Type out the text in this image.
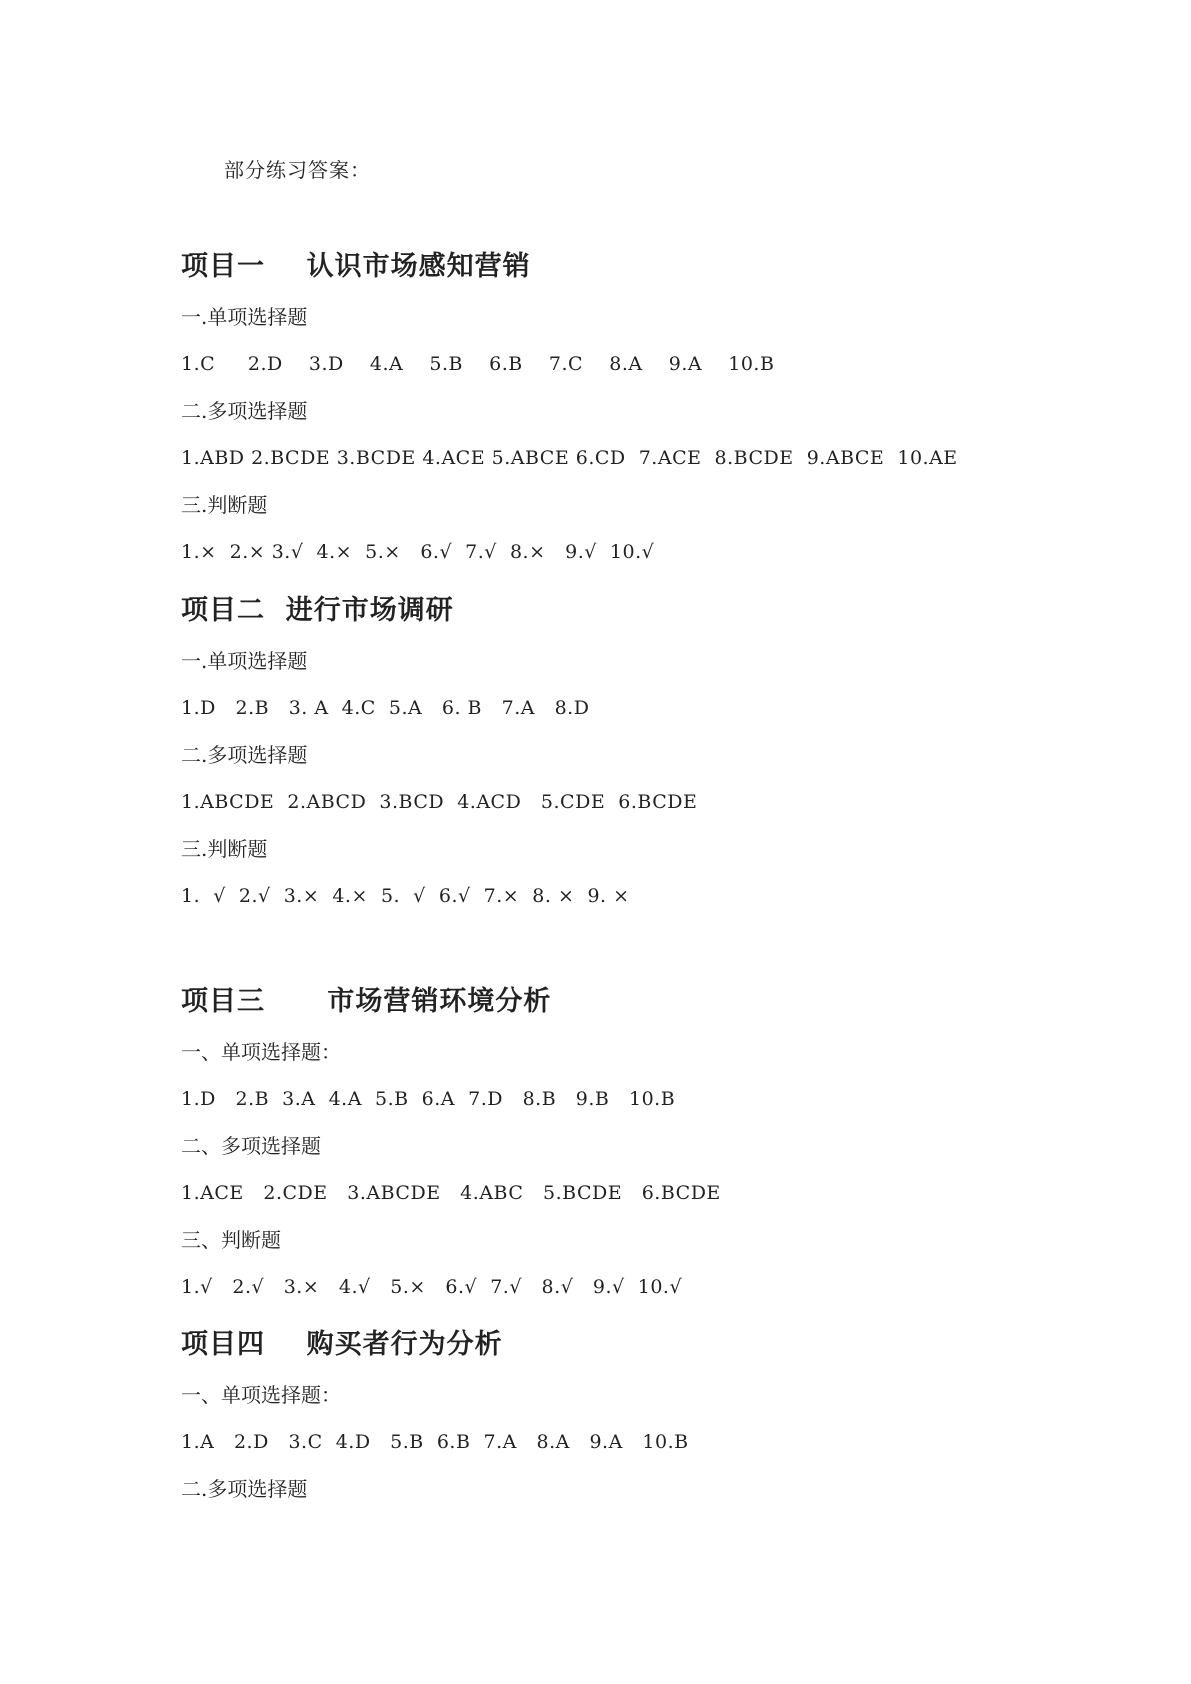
部分练习答案：
项目一    认识市场感知营销
一.单项选择题
1.C     2.D    3.D    4.A    5.B    6.B    7.C    8.A    9.A    10.B
二.多项选择题
1.ABD 2.BCDE 3.BCDE 4.ACE 5.ABCE 6.CD  7.ACE  8.BCDE  9.ABCE  10.AE
三.判断题
1.×  2.× 3.√  4.×  5.×   6.√  7.√  8.×   9.√  10.√
项目二  进行市场调研
一.单项选择题
1.D   2.B   3. A  4.C  5.A   6. B   7.A   8.D
二.多项选择题
1.ABCDE  2.ABCD  3.BCD  4.ACD   5.CDE  6.BCDE
三.判断题
1.  √  2.√  3.×  4.×  5.  √  6.√  7.×  8. ×  9. ×
项目三      市场营销环境分析
一、单项选择题：
1.D   2.B  3.A  4.A  5.B  6.A  7.D   8.B   9.B   10.B
二、多项选择题
1.ACE   2.CDE   3.ABCDE   4.ABC   5.BCDE   6.BCDE
三、判断题
1.√   2.√   3.×   4.√   5.×   6.√  7.√   8.√   9.√  10.√
项目四    购买者行为分析
一、单项选择题：
1.A   2.D   3.C  4.D   5.B  6.B  7.A   8.A   9.A   10.B
二.多项选择题
